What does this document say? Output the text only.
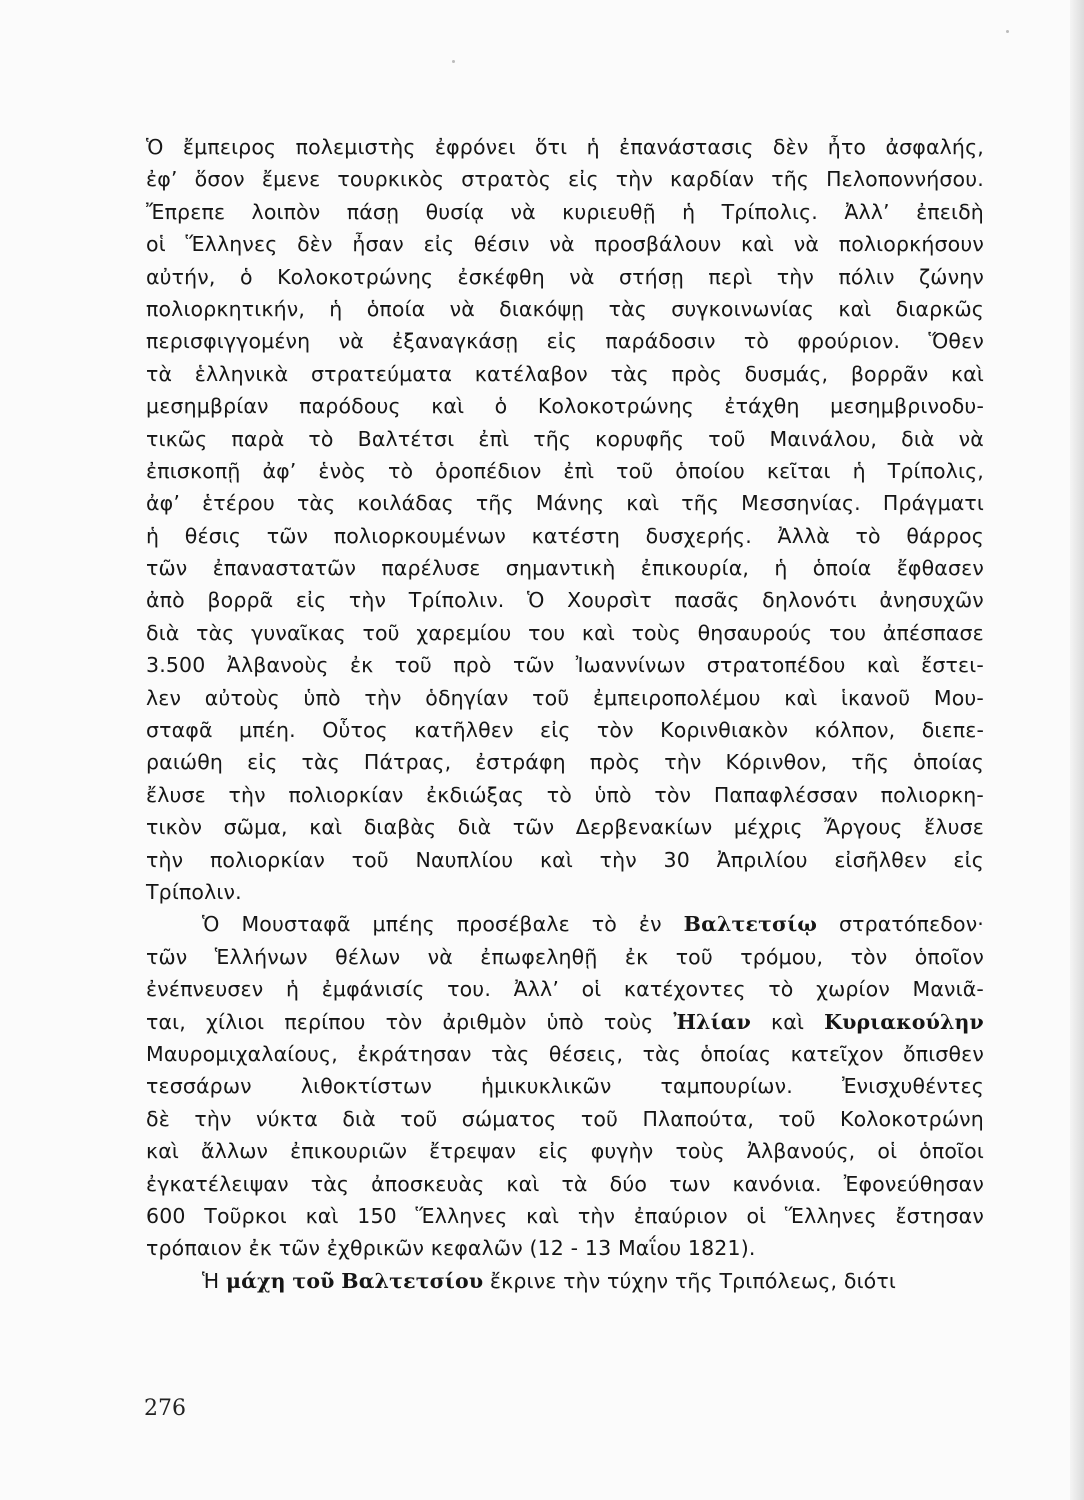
Ὁ ἔμπειρος πολεμιστὴς ἐφρόνει ὅτι ἡ ἐπανάστασις δὲν ἦτο ἀσφαλής,
ἐφ’ ὅσον ἔμενε τουρκικὸς στρατὸς εἰς τὴν καρδίαν τῆς Πελοποννήσου.
Ἔπρεπε λοιπὸν πάσῃ θυσίᾳ νὰ κυριευθῇ ἡ Τρίπολις. Ἀλλ’ ἐπειδὴ
οἱ Ἕλληνες δὲν ἦσαν εἰς θέσιν νὰ προσβάλουν καὶ νὰ πολιορκήσουν
αὐτήν, ὁ Κολοκοτρώνης ἐσκέφθη νὰ στήσῃ περὶ τὴν πόλιν ζώνην
πολιορκητικήν, ἡ ὁποία νὰ διακόψῃ τὰς συγκοινωνίας καὶ διαρκῶς
περισφιγγομένη νὰ ἐξαναγκάσῃ εἰς παράδοσιν τὸ φρούριον. Ὅθεν
τὰ ἑλληνικὰ στρατεύματα κατέλαβον τὰς πρὸς δυσμάς, βορρᾶν καὶ
μεσημβρίαν παρόδους καὶ ὁ Κολοκοτρώνης ἐτάχθη μεσημβρινοδυ-
τικῶς παρὰ τὸ Βαλτέτσι ἐπὶ τῆς κορυφῆς τοῦ Μαινάλου, διὰ νὰ
ἐπισκοπῇ ἀφ’ ἑνὸς τὸ ὁροπέδιον ἐπὶ τοῦ ὁποίου κεῖται ἡ Τρίπολις,
ἀφ’ ἑτέρου τὰς κοιλάδας τῆς Μάνης καὶ τῆς Μεσσηνίας. Πράγματι
ἡ θέσις τῶν πολιορκουμένων κατέστη δυσχερής. Ἀλλὰ τὸ θάρρος
τῶν ἐπαναστατῶν παρέλυσε σημαντικὴ ἐπικουρία, ἡ ὁποία ἔφθασεν
ἀπὸ βορρᾶ εἰς τὴν Τρίπολιν. Ὁ Χουρσὶτ πασᾶς δηλονότι ἀνησυχῶν
διὰ τὰς γυναῖκας τοῦ χαρεμίου του καὶ τοὺς θησαυρούς του ἀπέσπασε
3.500 Ἀλβανοὺς ἐκ τοῦ πρὸ τῶν Ἰωαννίνων στρατοπέδου καὶ ἔστει-
λεν αὐτοὺς ὑπὸ τὴν ὁδηγίαν τοῦ ἐμπειροπολέμου καὶ ἱκανοῦ Μου-
σταφᾶ μπέη. Οὗτος κατῆλθεν εἰς τὸν Κορινθιακὸν κόλπον, διεπε-
ραιώθη εἰς τὰς Πάτρας, ἐστράφη πρὸς τὴν Κόρινθον, τῆς ὁποίας
ἔλυσε τὴν πολιορκίαν ἐκδιώξας τὸ ὑπὸ τὸν Παπαφλέσσαν πολιορκη-
τικὸν σῶμα, καὶ διαβὰς διὰ τῶν Δερβενακίων μέχρις Ἄργους ἔλυσε
τὴν πολιορκίαν τοῦ Ναυπλίου καὶ τὴν 30 Ἀπριλίου εἰσῆλθεν εἰς
Τρίπολιν.
Ὁ Μουσταφᾶ μπέης προσέβαλε τὸ ἐν Βαλτετσίῳ στρατόπεδον·
τῶν Ἑλλήνων θέλων νὰ ἐπωφεληθῇ ἐκ τοῦ τρόμου, τὸν ὁποῖον
ἐνέπνευσεν ἡ ἐμφάνισίς του. Ἀλλ’ οἱ κατέχοντες τὸ χωρίον Μανιᾶ-
ται, χίλιοι περίπου τὸν ἀριθμὸν ὑπὸ τοὺς Ἠλίαν καὶ Κυριακούλην
Μαυρομιχαλαίους, ἐκράτησαν τὰς θέσεις, τὰς ὁποίας κατεῖχον ὄπισθεν
τεσσάρων λιθοκτίστων ἡμικυκλικῶν ταμπουρίων. Ἐνισχυθέντες
δὲ τὴν νύκτα διὰ τοῦ σώματος τοῦ Πλαπούτα, τοῦ Κολοκοτρώνη
καὶ ἄλλων ἐπικουριῶν ἔτρεψαν εἰς φυγὴν τοὺς Ἀλβανούς, οἱ ὁποῖοι
ἐγκατέλειψαν τὰς ἀποσκευὰς καὶ τὰ δύο των κανόνια. Ἐφονεύθησαν
600 Τοῦρκοι καὶ 150 Ἕλληνες καὶ τὴν ἐπαύριον οἱ Ἕλληνες ἔστησαν
τρόπαιον ἐκ τῶν ἐχθρικῶν κεφαλῶν (12 - 13 Μαΐου 1821).
Ἡ μάχη τοῦ Βαλτετσίου ἔκρινε τὴν τύχην τῆς Τριπόλεως, διότι
276
